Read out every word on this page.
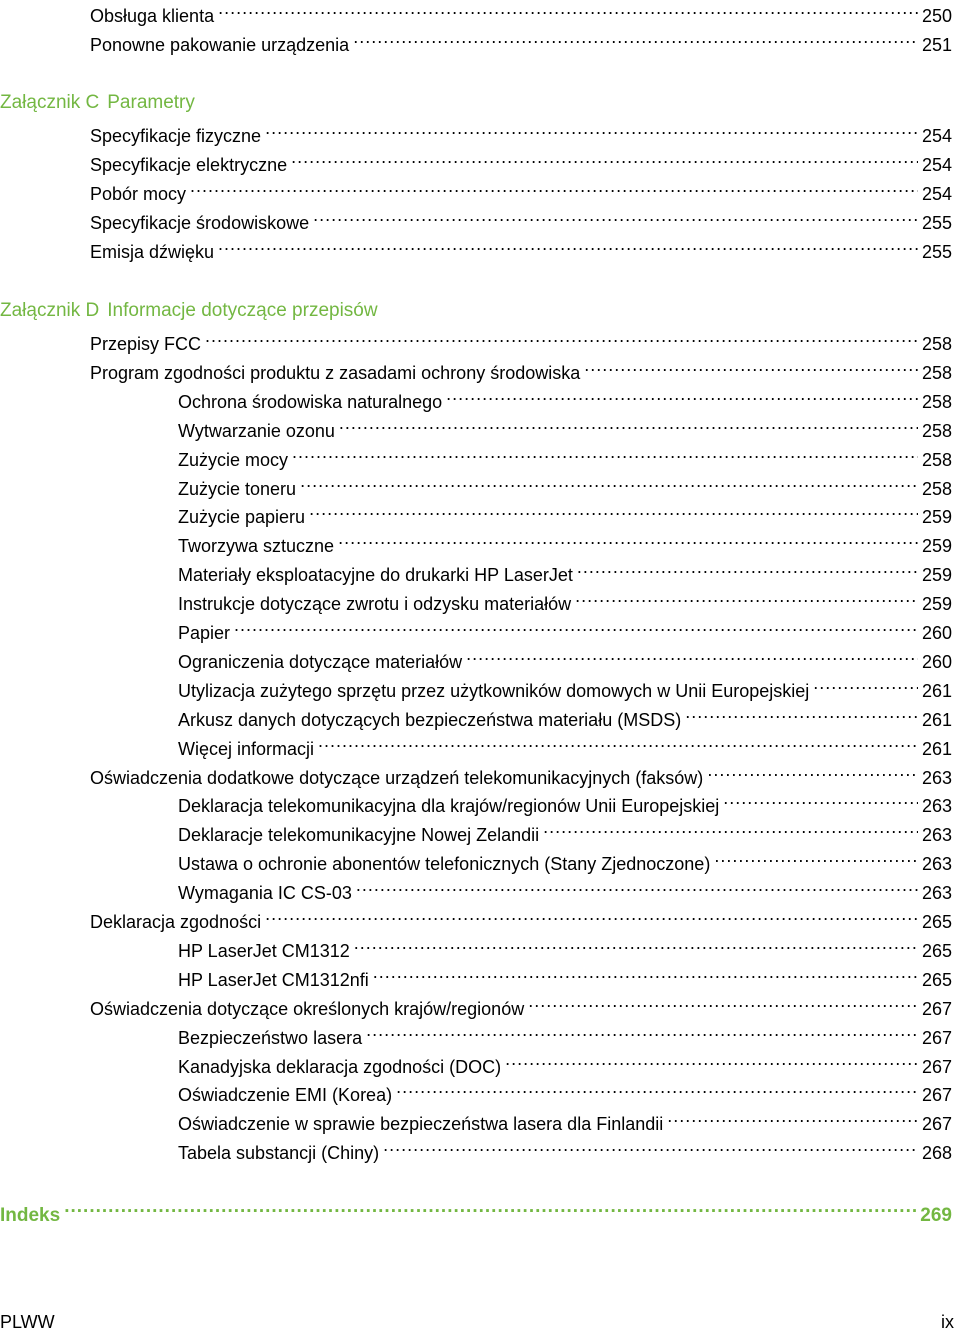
Obsługa klienta .....	250
Ponowne pakowanie urządzenia .....	251
Załącznik C Parametry
Specyfikacje fizyczne .....	254
Specyfikacje elektryczne .....	254
Pobór mocy .....	254
Specyfikacje środowiskowe .....	255
Emisja dźwięku .....	255
Załącznik D Informacje dotyczące przepisów
Przepisy FCC .....	258
Program zgodności produktu z zasadami ochrony środowiska .....	258
Ochrona środowiska naturalnego .....	258
Wytwarzanie ozonu .....	258
Zużycie mocy .....	258
Zużycie toneru .....	258
Zużycie papieru .....	259
Tworzywa sztuczne .....	259
Materiały eksploatacyjne do drukarki HP LaserJet .....	259
Instrukcje dotyczące zwrotu i odzysku materiałów .....	259
Papier .....	260
Ograniczenia dotyczące materiałów .....	260
Utylizacja zużytego sprzętu przez użytkowników domowych w Unii Europejskiej .....	261
Arkusz danych dotyczących bezpieczeństwa materiału (MSDS) .....	261
Więcej informacji .....	261
Oświadczenia dodatkowe dotyczące urządzeń telekomunikacyjnych (faksów) .....	263
Deklaracja telekomunikacyjna dla krajów/regionów Unii Europejskiej .....	263
Deklaracje telekomunikacyjne Nowej Zelandii .....	263
Ustawa o ochronie abonentów telefonicznych (Stany Zjednoczone) .....	263
Wymagania IC CS-03 .....	263
Deklaracja zgodności .....	265
HP LaserJet CM1312 .....	265
HP LaserJet CM1312nfi .....	265
Oświadczenia dotyczące określonych krajów/regionów .....	267
Bezpieczeństwo lasera .....	267
Kanadyjska deklaracja zgodności (DOC) .....	267
Oświadczenie EMI (Korea) .....	267
Oświadczenie w sprawie bezpieczeństwa lasera dla Finlandii .....	267
Tabela substancji (Chiny) .....	268
Indeks .....	269
PLWW	ix
